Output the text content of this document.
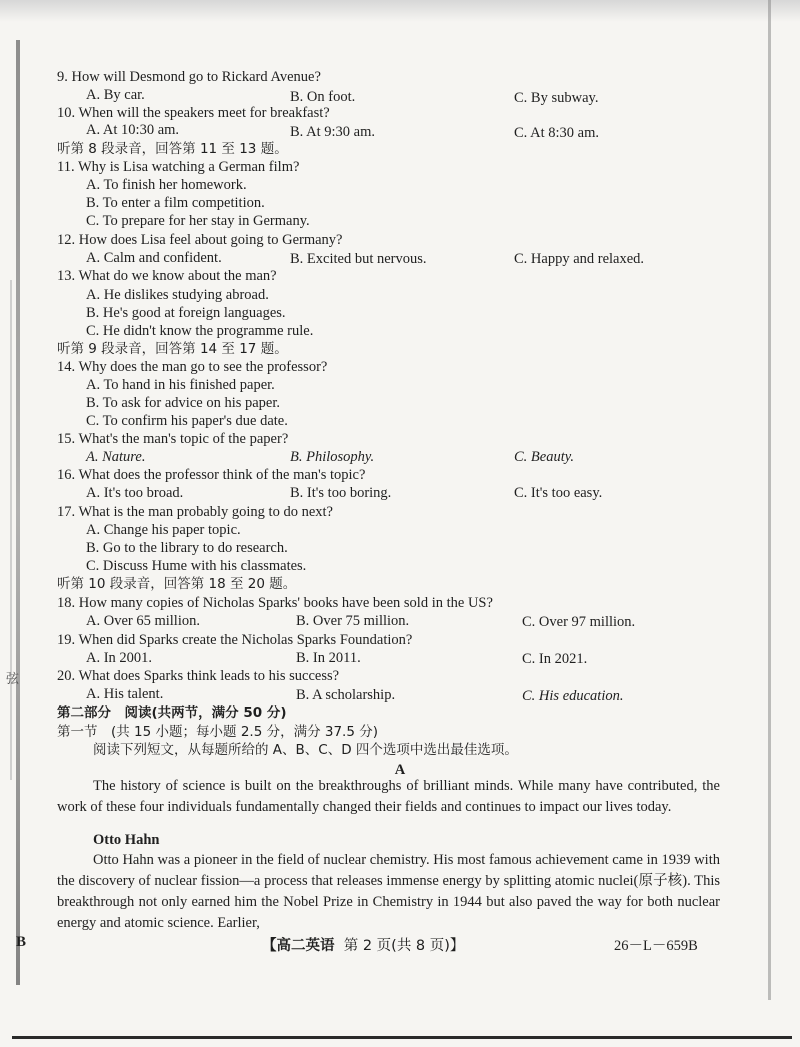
9. How will Desmond go to Rickard Avenue?
A. By car.	B. On foot.	C. By subway.
10. When will the speakers meet for breakfast?
A. At 10:30 am.	B. At 9:30 am.	C. At 8:30 am.
听第 8 段录音，回答第 11 至 13 题。
11. Why is Lisa watching a German film?
A. To finish her homework.
B. To enter a film competition.
C. To prepare for her stay in Germany.
12. How does Lisa feel about going to Germany?
A. Calm and confident.	B. Excited but nervous.	C. Happy and relaxed.
13. What do we know about the man?
A. He dislikes studying abroad.
B. He's good at foreign languages.
C. He didn't know the programme rule.
听第 9 段录音，回答第 14 至 17 题。
14. Why does the man go to see the professor?
A. To hand in his finished paper.
B. To ask for advice on his paper.
C. To confirm his paper's due date.
15. What's the man's topic of the paper?
A. Nature.	B. Philosophy.	C. Beauty.
16. What does the professor think of the man's topic?
A. It's too broad.	B. It's too boring.	C. It's too easy.
17. What is the man probably going to do next?
A. Change his paper topic.
B. Go to the library to do research.
C. Discuss Hume with his classmates.
听第 10 段录音，回答第 18 至 20 题。
18. How many copies of Nicholas Sparks' books have been sold in the US?
A. Over 65 million.	B. Over 75 million.	C. Over 97 million.
19. When did Sparks create the Nicholas Sparks Foundation?
A. In 2001.	B. In 2011.	C. In 2021.
20. What does Sparks think leads to his success?
A. His talent.	B. A scholarship.	C. His education.
第二部分　阅读(共两节，满分 50 分)
第一节　(共 15 小题；每小题 2.5 分，满分 37.5 分)
阅读下列短文，从每题所给的 A、B、C、D 四个选项中选出最佳选项。
A
The history of science is built on the breakthroughs of brilliant minds. While many have contributed, the work of these four individuals fundamentally changed their fields and continues to impact our lives today.
Otto Hahn
Otto Hahn was a pioneer in the field of nuclear chemistry. His most famous achievement came in 1939 with the discovery of nuclear fission—a process that releases immense energy by splitting atomic nuclei(原子核). This breakthrough not only earned him the Nobel Prize in Chemistry in 1944 but also paved the way for both nuclear energy and atomic science. Earlier,
弦
B	【高二英语 第 2 页(共 8 页)】	26－L－659B
